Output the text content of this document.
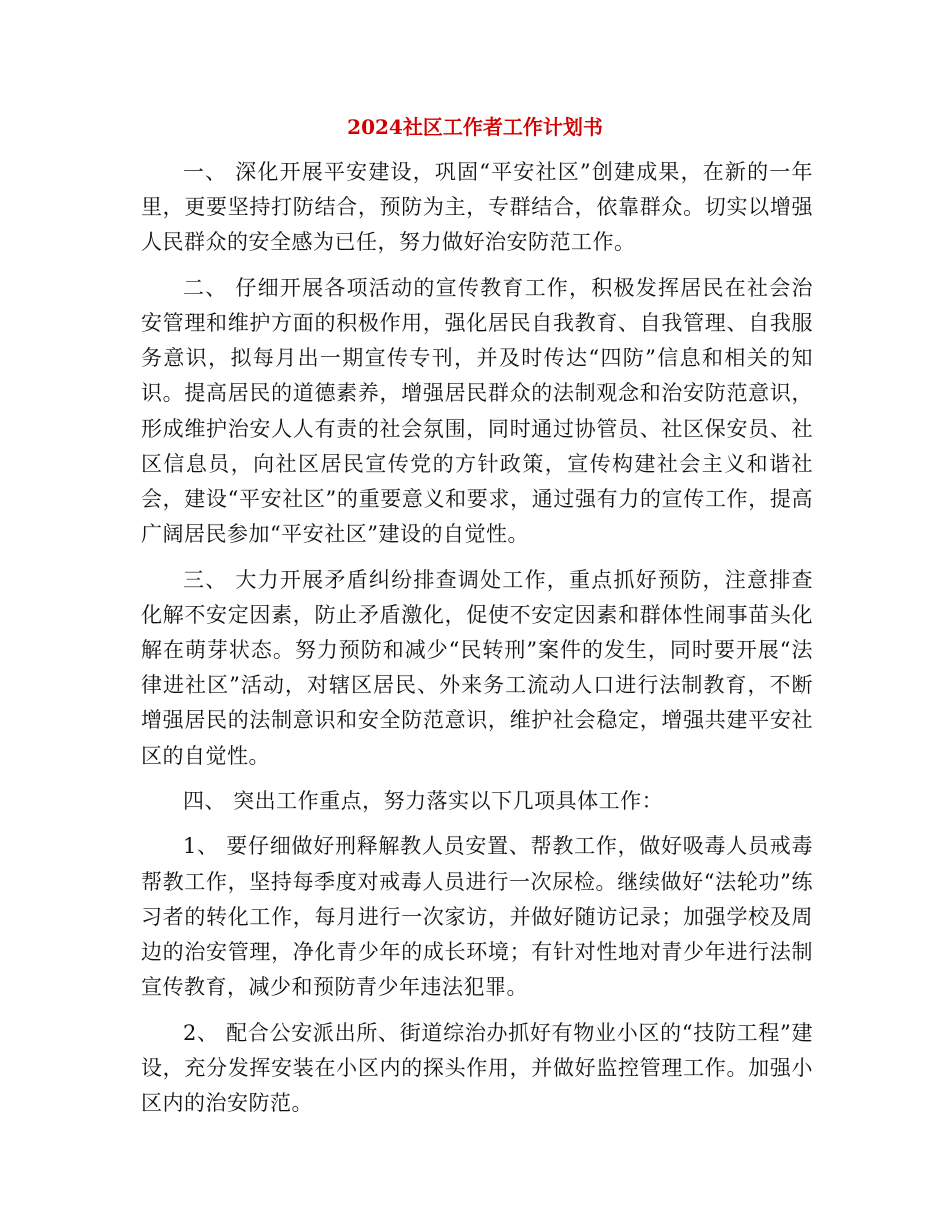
2024社区工作者工作计划书

一、 深化开展平安建设，巩固“平安社区”创建成果，在新的一年里，更要坚持打防结合，预防为主，专群结合，依靠群众。切实以增强人民群众的安全感为已任，努力做好治安防范工作。

二、 仔细开展各项活动的宣传教育工作，积极发挥居民在社会治安管理和维护方面的积极作用，强化居民自我教育、自我管理、自我服务意识，拟每月出一期宣传专刊，并及时传达“四防”信息和相关的知识。提高居民的道德素养，增强居民群众的法制观念和治安防范意识，形成维护治安人人有责的社会氛围，同时通过协管员、社区保安员、社区信息员，向社区居民宣传党的方针政策，宣传构建社会主义和谐社会，建设“平安社区”的重要意义和要求，通过强有力的宣传工作，提高广阔居民参加“平安社区”建设的自觉性。

三、 大力开展矛盾纠纷排查调处工作，重点抓好预防，注意排查化解不安定因素，防止矛盾激化，促使不安定因素和群体性闹事苗头化解在萌芽状态。努力预防和减少“民转刑”案件的发生，同时要开展“法律进社区”活动，对辖区居民、外来务工流动人口进行法制教育，不断增强居民的法制意识和安全防范意识，维护社会稳定，增强共建平安社区的自觉性。

四、 突出工作重点，努力落实以下几项具体工作：

1、 要仔细做好刑释解教人员安置、帮教工作，做好吸毒人员戒毒帮教工作，坚持每季度对戒毒人员进行一次尿检。继续做好“法轮功”练习者的转化工作，每月进行一次家访，并做好随访记录；加强学校及周边的治安管理，净化青少年的成长环境；有针对性地对青少年进行法制宣传教育，减少和预防青少年违法犯罪。

2、 配合公安派出所、街道综治办抓好有物业小区的“技防工程”建设，充分发挥安装在小区内的探头作用，并做好监控管理工作。加强小区内的治安防范。
